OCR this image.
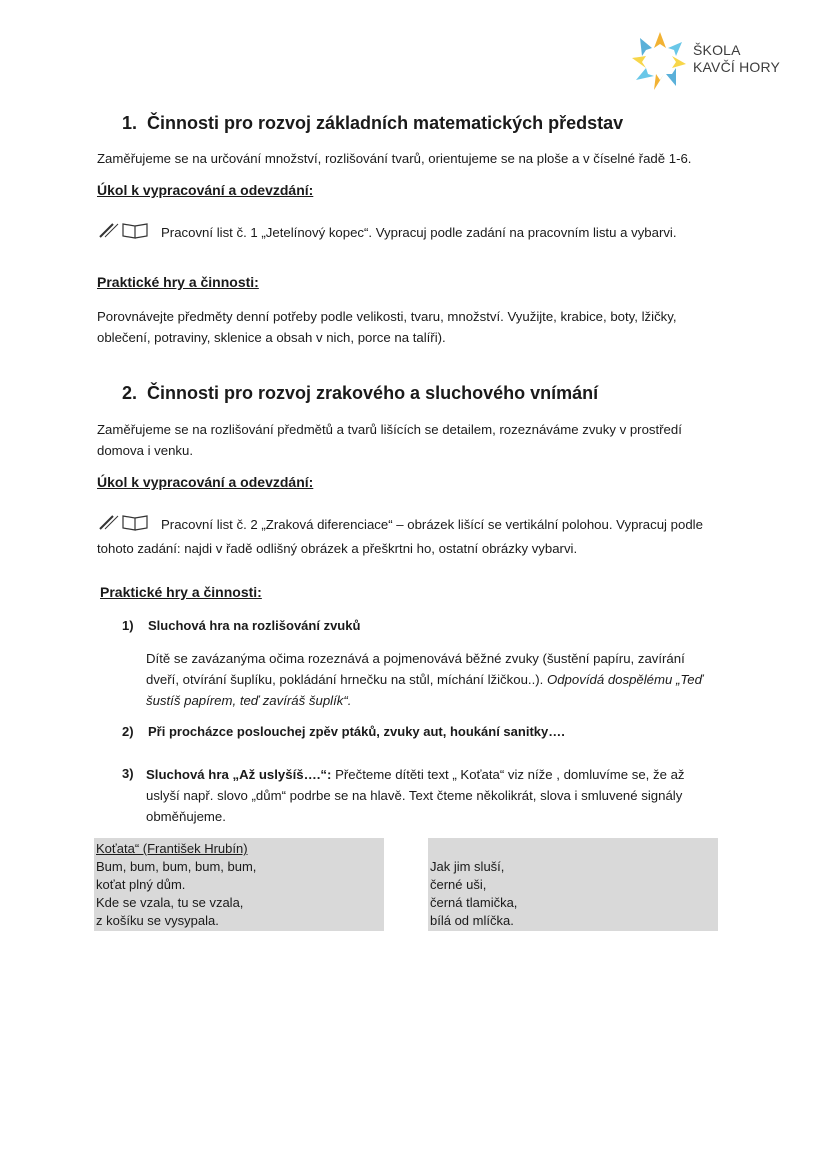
ŠKOLA
KAVČÍ HORY
1. Činnosti pro rozvoj základních matematických představ
Zaměřujeme se na určování množství, rozlišování tvarů, orientujeme se na ploše a v číselné řadě 1-6.
Úkol k vypracování a odevzdání:
Pracovní list č. 1 „Jetelínový kopec“. Vypracuj podle zadání na pracovním listu a vybarvi.
Praktické hry a činnosti:
Porovnávejte předměty denní potřeby podle velikosti, tvaru, množství. Využijte, krabice, boty, lžičky, oblečení, potraviny, sklenice a obsah v nich, porce na talíři).
2. Činnosti pro rozvoj zrakového a sluchového vnímání
Zaměřujeme se na rozlišování předmětů a tvarů lišících se detailem, rozeznáváme zvuky v prostředí domova i venku.
Úkol k vypracování a odevzdání:
Pracovní list č. 2 „Zraková diferenciace“ – obrázek lišící se vertikální polohou. Vypracuj podle tohoto zadání: najdi v řadě odlišný obrázek a přeškrtni ho, ostatní obrázky vybarvi.
Praktické hry a činnosti:
1) Sluchová hra na rozlišování zvuků
Dítě se zavázanýma očima rozeznává a pojmenovává běžné zvuky (šustění papíru, zavírání dveří, otvírání šuplíku, pokládání hrnečku na stůl, míchání lžičkou..). Odpovídá dospělému „Teď šustíš papírem, teď zavíráš šuplík“.
2) Při procházce poslouchej zpěv ptáků, zvuky aut, houkání sanitky….
3) Sluchová hra „Až uslyšíš….“: Přečteme dítěti text „ Koťata“ viz níže , domluvíme se, že až uslyší např. slovo „dům“ podrbe se na hlavě. Text čteme několikrát, slova i smluvené signály obměňujeme.
Koťata“ (František Hrubín)
Bum, bum, bum, bum, bum,
koťat plný dům.
Kde se vzala, tu se vzala,
z košíku se vysypala.

Jak jim sluší,
černé uši,
černá tlamička,
bílá od mlíčka.
